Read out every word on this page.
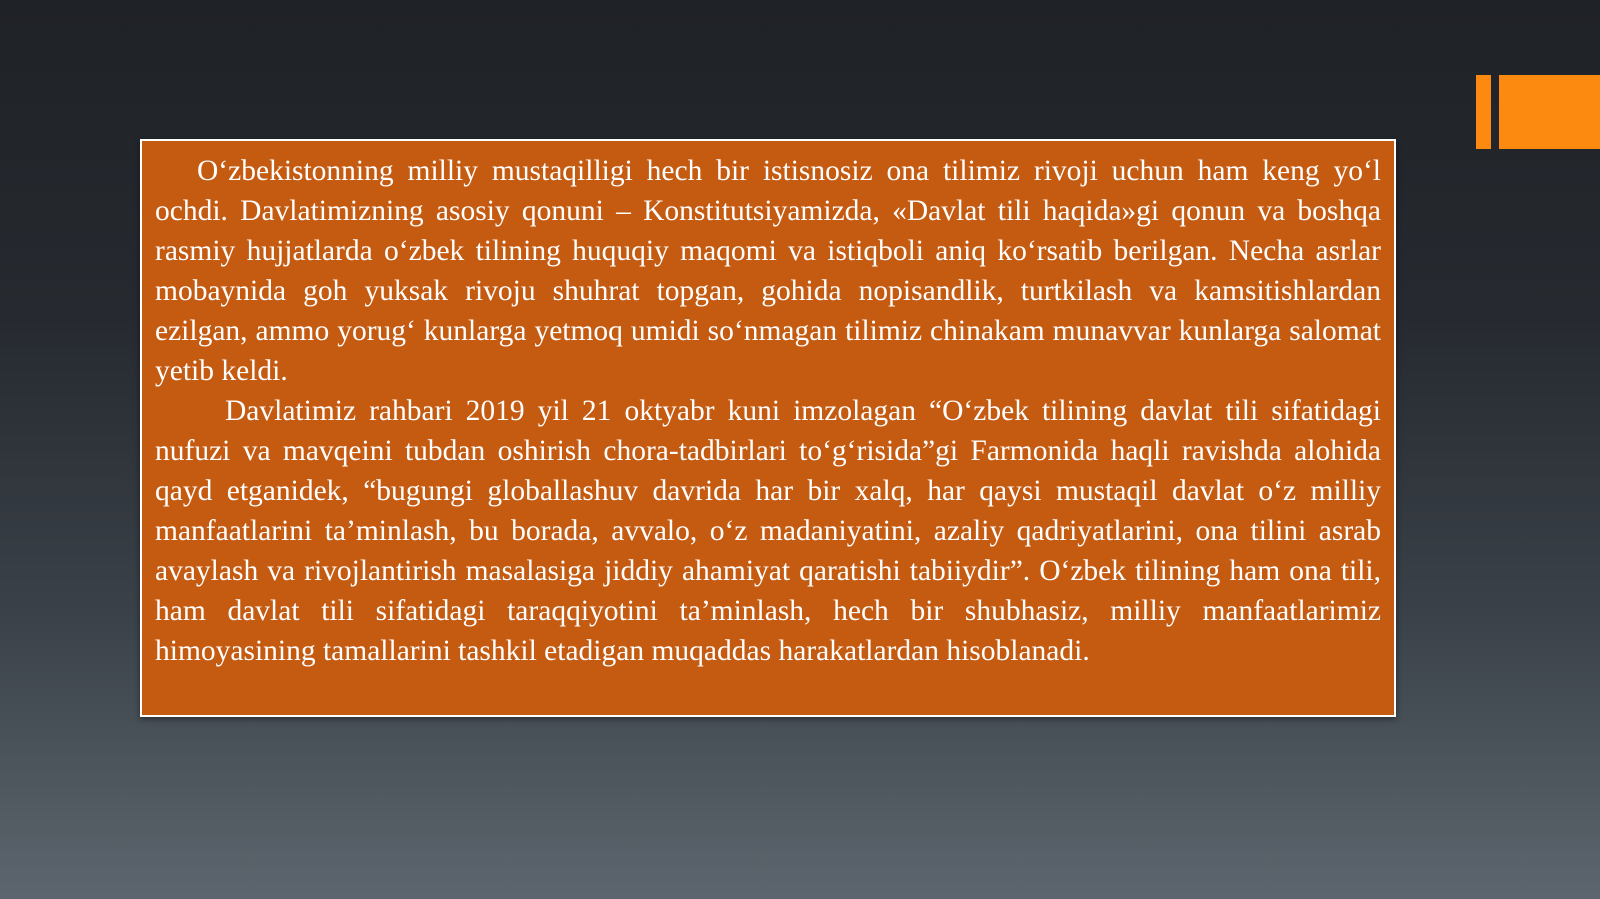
O‘zbekistonning milliy mustaqilligi hech bir istisnosiz ona tilimiz rivoji uchun ham keng yo‘l ochdi. Davlatimizning asosiy qonuni – Konstitutsiyamizda, «Davlat tili haqida»gi qonun va boshqa rasmiy hujjatlarda o‘zbek tilining huquqiy maqomi va istiqboli aniq ko‘rsatib berilgan. Necha asrlar mobaynida goh yuksak rivoju shuhrat topgan, gohida nopisandlik, turtkilash va kamsitishlardan ezilgan, ammo yorug‘ kunlarga yetmoq umidi so‘nmagan tilimiz chinakam munavvar kunlarga salomat yetib keldi.

Davlatimiz rahbari 2019 yil 21 oktyabr kuni imzolagan “O‘zbek tilining davlat tili sifatidagi nufuzi va mavqeini tubdan oshirish chora-tadbirlari to‘g‘risida”gi Farmonida haqli ravishda alohida qayd etganidek, “bugungi globallashuv davrida har bir xalq, har qaysi mustaqil davlat o‘z milliy manfaatlarini ta’minlash, bu borada, avvalo, o‘z madaniyatini, azaliy qadriyatlarini, ona tilini asrab avaylash va rivojlantirish masalasiga jiddiy ahamiyat qaratishi tabiiydir”. O‘zbek tilining ham ona tili, ham davlat tili sifatidagi taraqqiyotini ta’minlash, hech bir shubhasiz, milliy manfaatlarimiz himoyasining tamallarini tashkil etadigan muqaddas harakatlardan hisoblanadi.
